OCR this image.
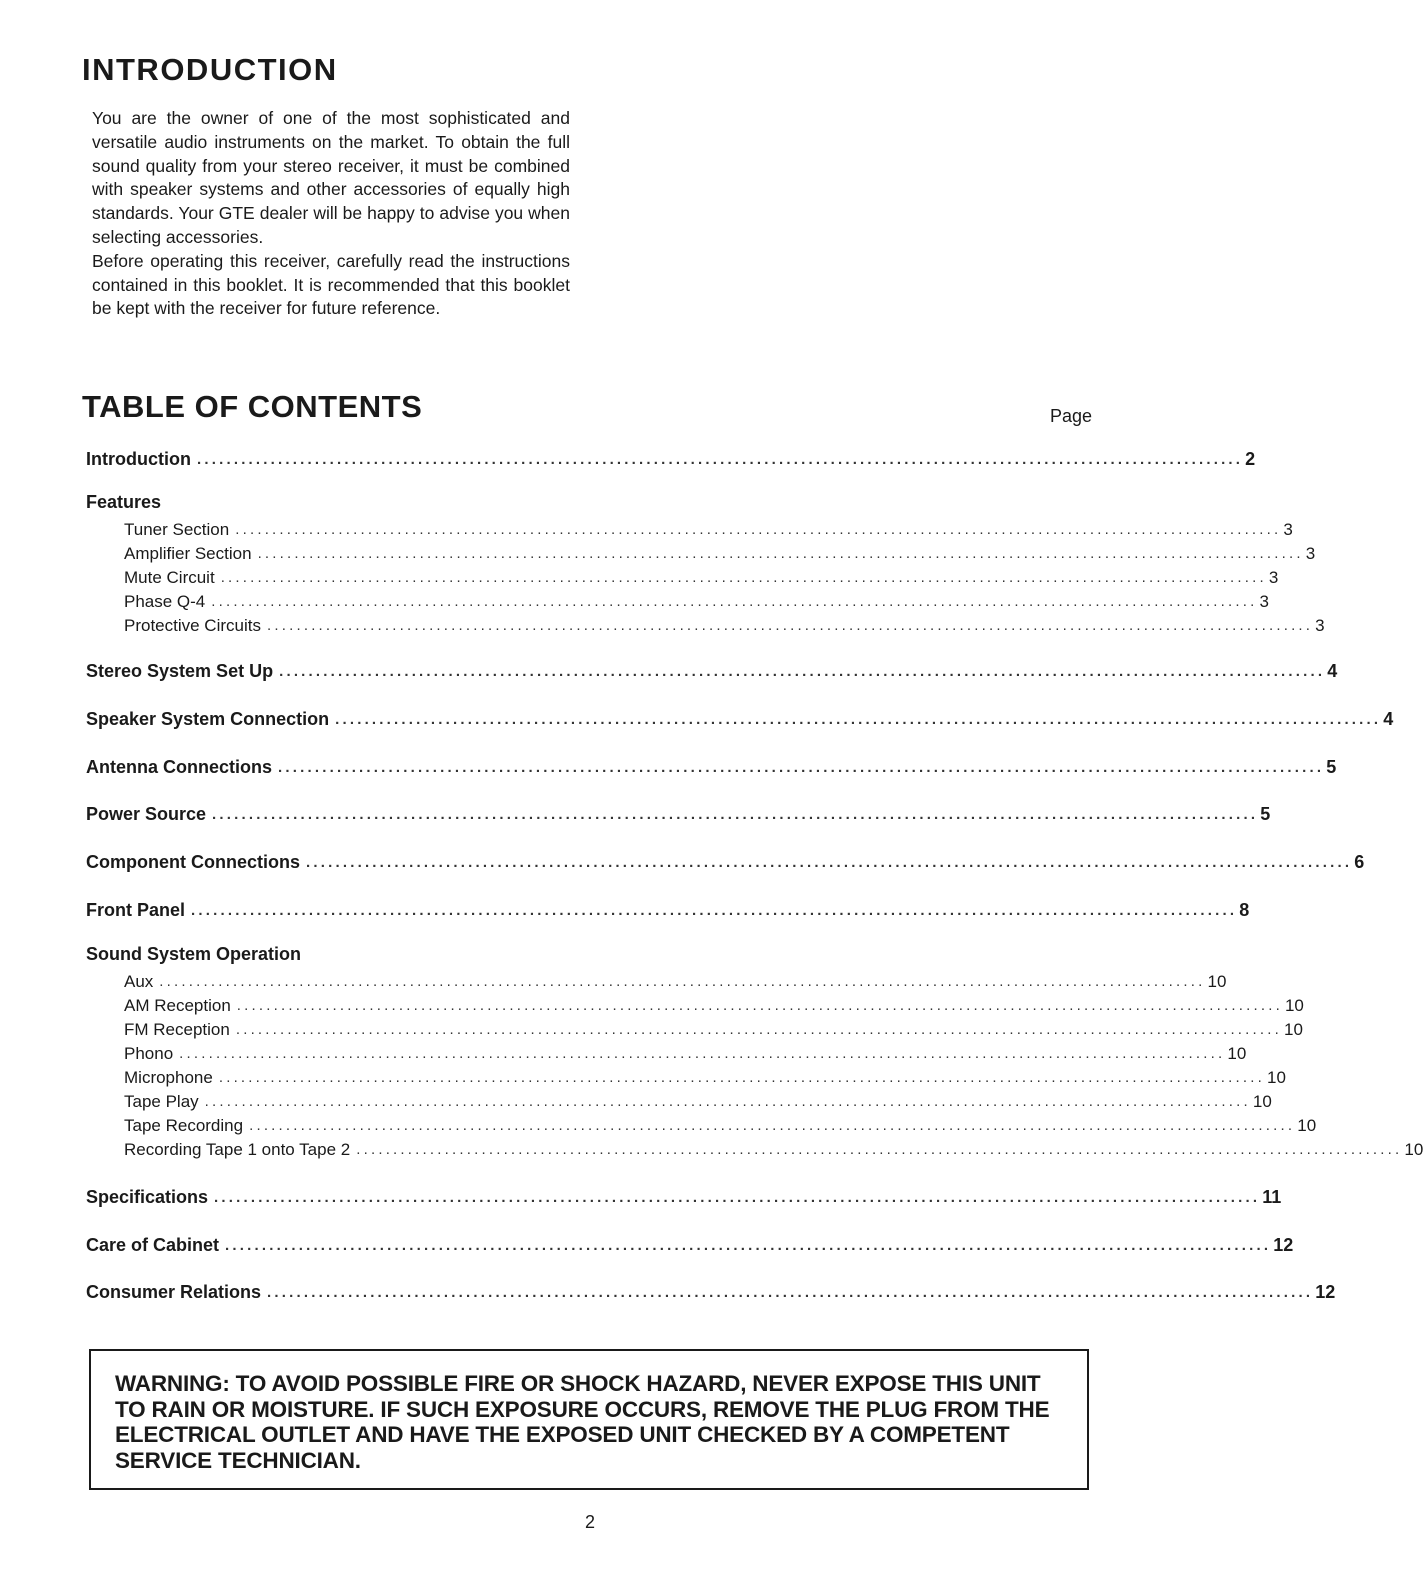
INTRODUCTION

You are the owner of one of the most sophisticated and versatile audio instruments on the market. To obtain the full sound quality from your stereo receiver, it must be combined with speaker systems and other accessories of equally high standards. Your GTE dealer will be happy to advise you when selecting accessories.

Before operating this receiver, carefully read the instructions contained in this booklet. It is recommended that this booklet be kept with the receiver for future reference.

TABLE OF CONTENTS	Page
Introduction .............................................................................................................................................. 2
Features
Tuner Section .............................................................................................................................................. 3
Amplifier Section .............................................................................................................................................. 3
Mute Circuit .............................................................................................................................................. 3
Phase Q-4 .............................................................................................................................................. 3
Protective Circuits .............................................................................................................................................. 3
Stereo System Set Up .............................................................................................................................................. 4
Speaker System Connection .............................................................................................................................................. 4
Antenna Connections .............................................................................................................................................. 5
Power Source .............................................................................................................................................. 5
Component Connections .............................................................................................................................................. 6
Front Panel .............................................................................................................................................. 8
Sound System Operation
Aux .............................................................................................................................................. 10
AM Reception .............................................................................................................................................. 10
FM Reception .............................................................................................................................................. 10
Phono .............................................................................................................................................. 10
Microphone .............................................................................................................................................. 10
Tape Play .............................................................................................................................................. 10
Tape Recording .............................................................................................................................................. 10
Recording Tape 1 onto Tape 2 .............................................................................................................................................. 10
Specifications .............................................................................................................................................. 11
Care of Cabinet .............................................................................................................................................. 12
Consumer Relations .............................................................................................................................................. 12
WARNING: TO AVOID POSSIBLE FIRE OR SHOCK HAZARD, NEVER EXPOSE THIS UNIT TO RAIN OR MOISTURE. IF SUCH EXPOSURE OCCURS, REMOVE THE PLUG FROM THE ELECTRICAL OUTLET AND HAVE THE EXPOSED UNIT CHECKED BY A COMPETENT SERVICE TECHNICIAN.
2
